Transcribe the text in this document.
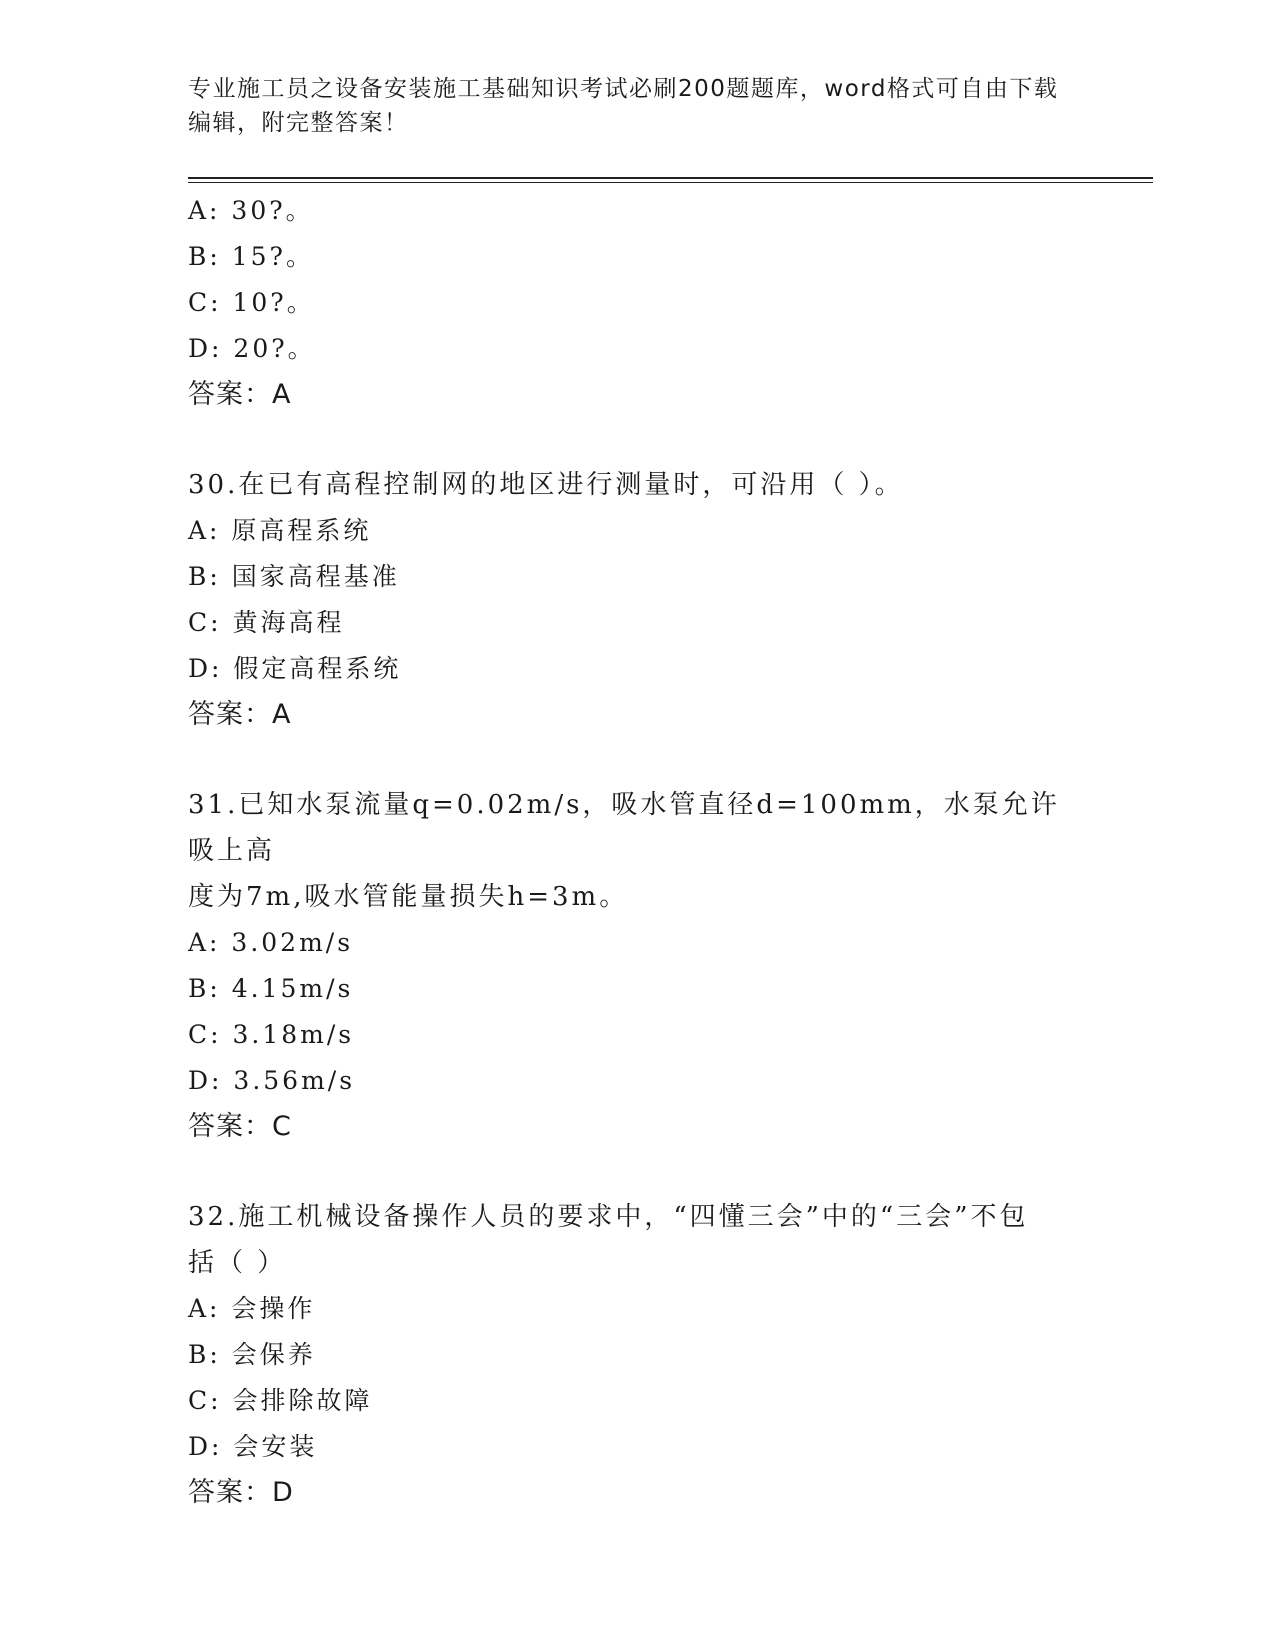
专业施工员之设备安装施工基础知识考试必刷200题题库，word格式可自由下载
编辑，附完整答案！
A: 30?。
B: 15?。
C: 10?。
D: 20?。
答案：A
30.在已有高程控制网的地区进行测量时，可沿用（ ）。
A: 原高程系统
B: 国家高程基准
C: 黄海高程
D: 假定高程系统
答案：A
31.已知水泵流量q=0.02m/s，吸水管直径d=100mm，水泵允许吸上高
度为7m,吸水管能量损失h=3m。
A: 3.02m/s
B: 4.15m/s
C: 3.18m/s
D: 3.56m/s
答案：C
32.施工机械设备操作人员的要求中，“四懂三会”中的“三会”不包
括（ ）
A: 会操作
B: 会保养
C: 会排除故障
D: 会安装
答案：D
